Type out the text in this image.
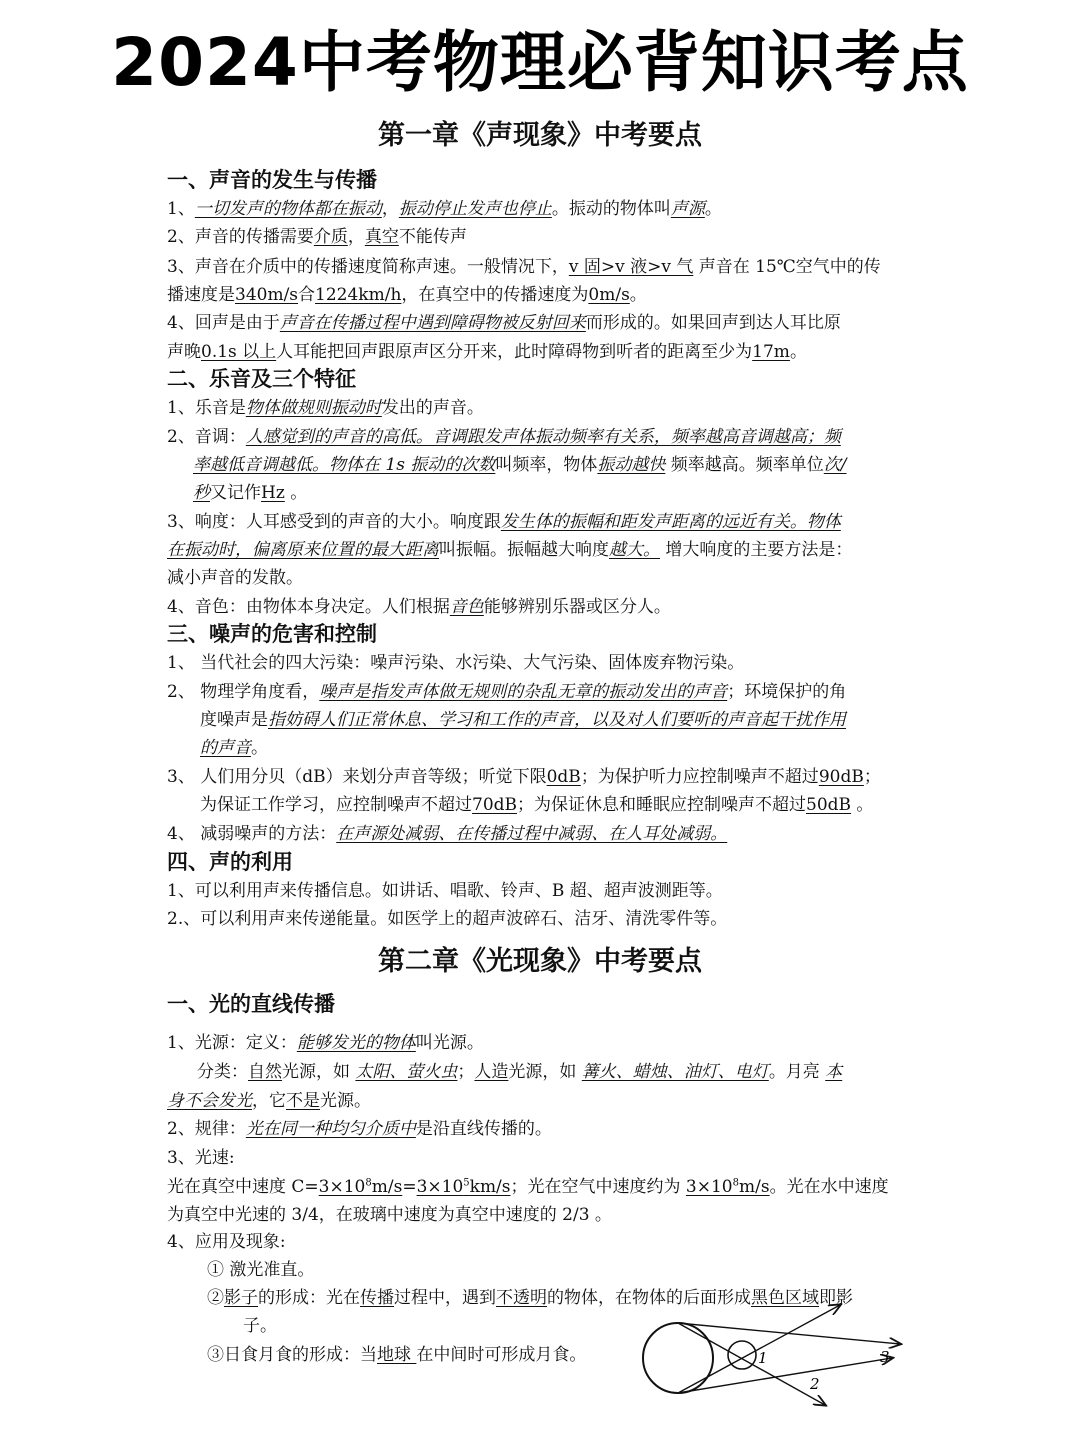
2024中考物理必背知识考点
第一章《声现象》中考要点
一、声音的发生与传播
1、一切发声的物体都在振动，振动停止发声也停止。振动的物体叫声源。
2、声音的传播需要介质，真空不能传声
3、声音在介质中的传播速度简称声速。一般情况下，v 固>v 液>v 气 声音在 15℃空气中的传
播速度是340m/s合1224km/h，在真空中的传播速度为0m/s。
4、回声是由于声音在传播过程中遇到障碍物被反射回来而形成的。如果回声到达人耳比原
声晚0.1s 以上人耳能把回声跟原声区分开来，此时障碍物到听者的距离至少为17m。
二、乐音及三个特征
1、乐音是物体做规则振动时发出的声音。
2、音调：人感觉到的声音的高低。音调跟发声体振动频率有关系，频率越高音调越高；频
率越低音调越低。物体在 1s 振动的次数叫频率，物体振动越快 频率越高。频率单位次/
秒又记作Hz 。
3、响度：人耳感受到的声音的大小。响度跟发生体的振幅和距发声距离的远近有关。物体
在振动时，偏离原来位置的最大距离叫振幅。振幅越大响度越大。 增大响度的主要方法是：
减小声音的发散。
4、音色：由物体本身决定。人们根据音色能够辨别乐器或区分人。
三、噪声的危害和控制
1、 当代社会的四大污染：噪声污染、水污染、大气污染、固体废弃物污染。
2、 物理学角度看，噪声是指发声体做无规则的杂乱无章的振动发出的声音；环境保护的角
度噪声是指妨碍人们正常休息、学习和工作的声音，以及对人们要听的声音起干扰作用
的声音。
3、 人们用分贝（dB）来划分声音等级；听觉下限0dB；为保护听力应控制噪声不超过90dB；
为保证工作学习，应控制噪声不超过70dB；为保证休息和睡眠应控制噪声不超过50dB 。
4、 减弱噪声的方法：在声源处减弱、在传播过程中减弱、在人耳处减弱。
四、声的利用
1、可以利用声来传播信息。如讲话、唱歌、铃声、B 超、超声波测距等。
2.、可以利用声来传递能量。如医学上的超声波碎石、洁牙、清洗零件等。
第二章《光现象》中考要点
一、光的直线传播
1、光源：定义：能够发光的物体叫光源。
分类：自然光源，如 太阳、萤火虫；人造光源，如 篝火、蜡烛、油灯、电灯。月亮 本
身不会发光，它不是光源。
2、规律：光在同一种均匀介质中是沿直线传播的。
3、光速:
光在真空中速度 $C=3\times 10^8m/s=3\times 10^5km/s$；光在空气中速度约为 $3\times 10^8m/s$。光在水中速度
为真空中光速的 3/4，在玻璃中速度为真空中速度的 2/3 。
4、应用及现象:
① 激光准直。
②影子的形成：光在传播过程中，遇到不透明的物体，在物体的后面形成黑色区域即影
子。
③日食月食的形成：当地球 在中间时可形成月食。	1
2
3
